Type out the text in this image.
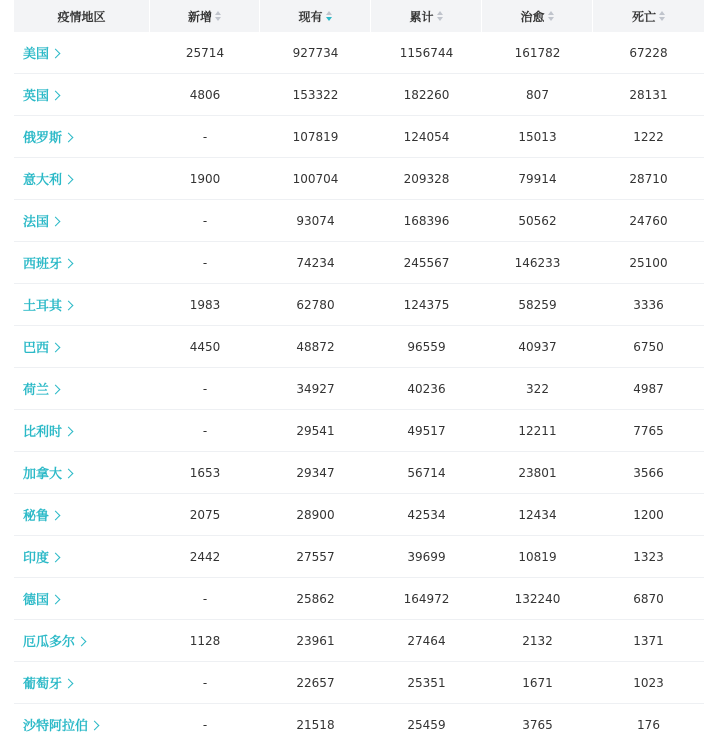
疫情地区	新增	现有	累计	治愈	死亡

美国	25714	927734	1156744	161782	67228
英国	4806	153322	182260	807	28131
俄罗斯	-	107819	124054	15013	1222
意大利	1900	100704	209328	79914	28710
法国	-	93074	168396	50562	24760
西班牙	-	74234	245567	146233	25100
土耳其	1983	62780	124375	58259	3336
巴西	4450	48872	96559	40937	6750
荷兰	-	34927	40236	322	4987
比利时	-	29541	49517	12211	7765
加拿大	1653	29347	56714	23801	3566
秘鲁	2075	28900	42534	12434	1200
印度	2442	27557	39699	10819	1323
德国	-	25862	164972	132240	6870
厄瓜多尔	1128	23961	27464	2132	1371
葡萄牙	-	22657	25351	1671	1023
沙特阿拉伯	-	21518	25459	3765	176
